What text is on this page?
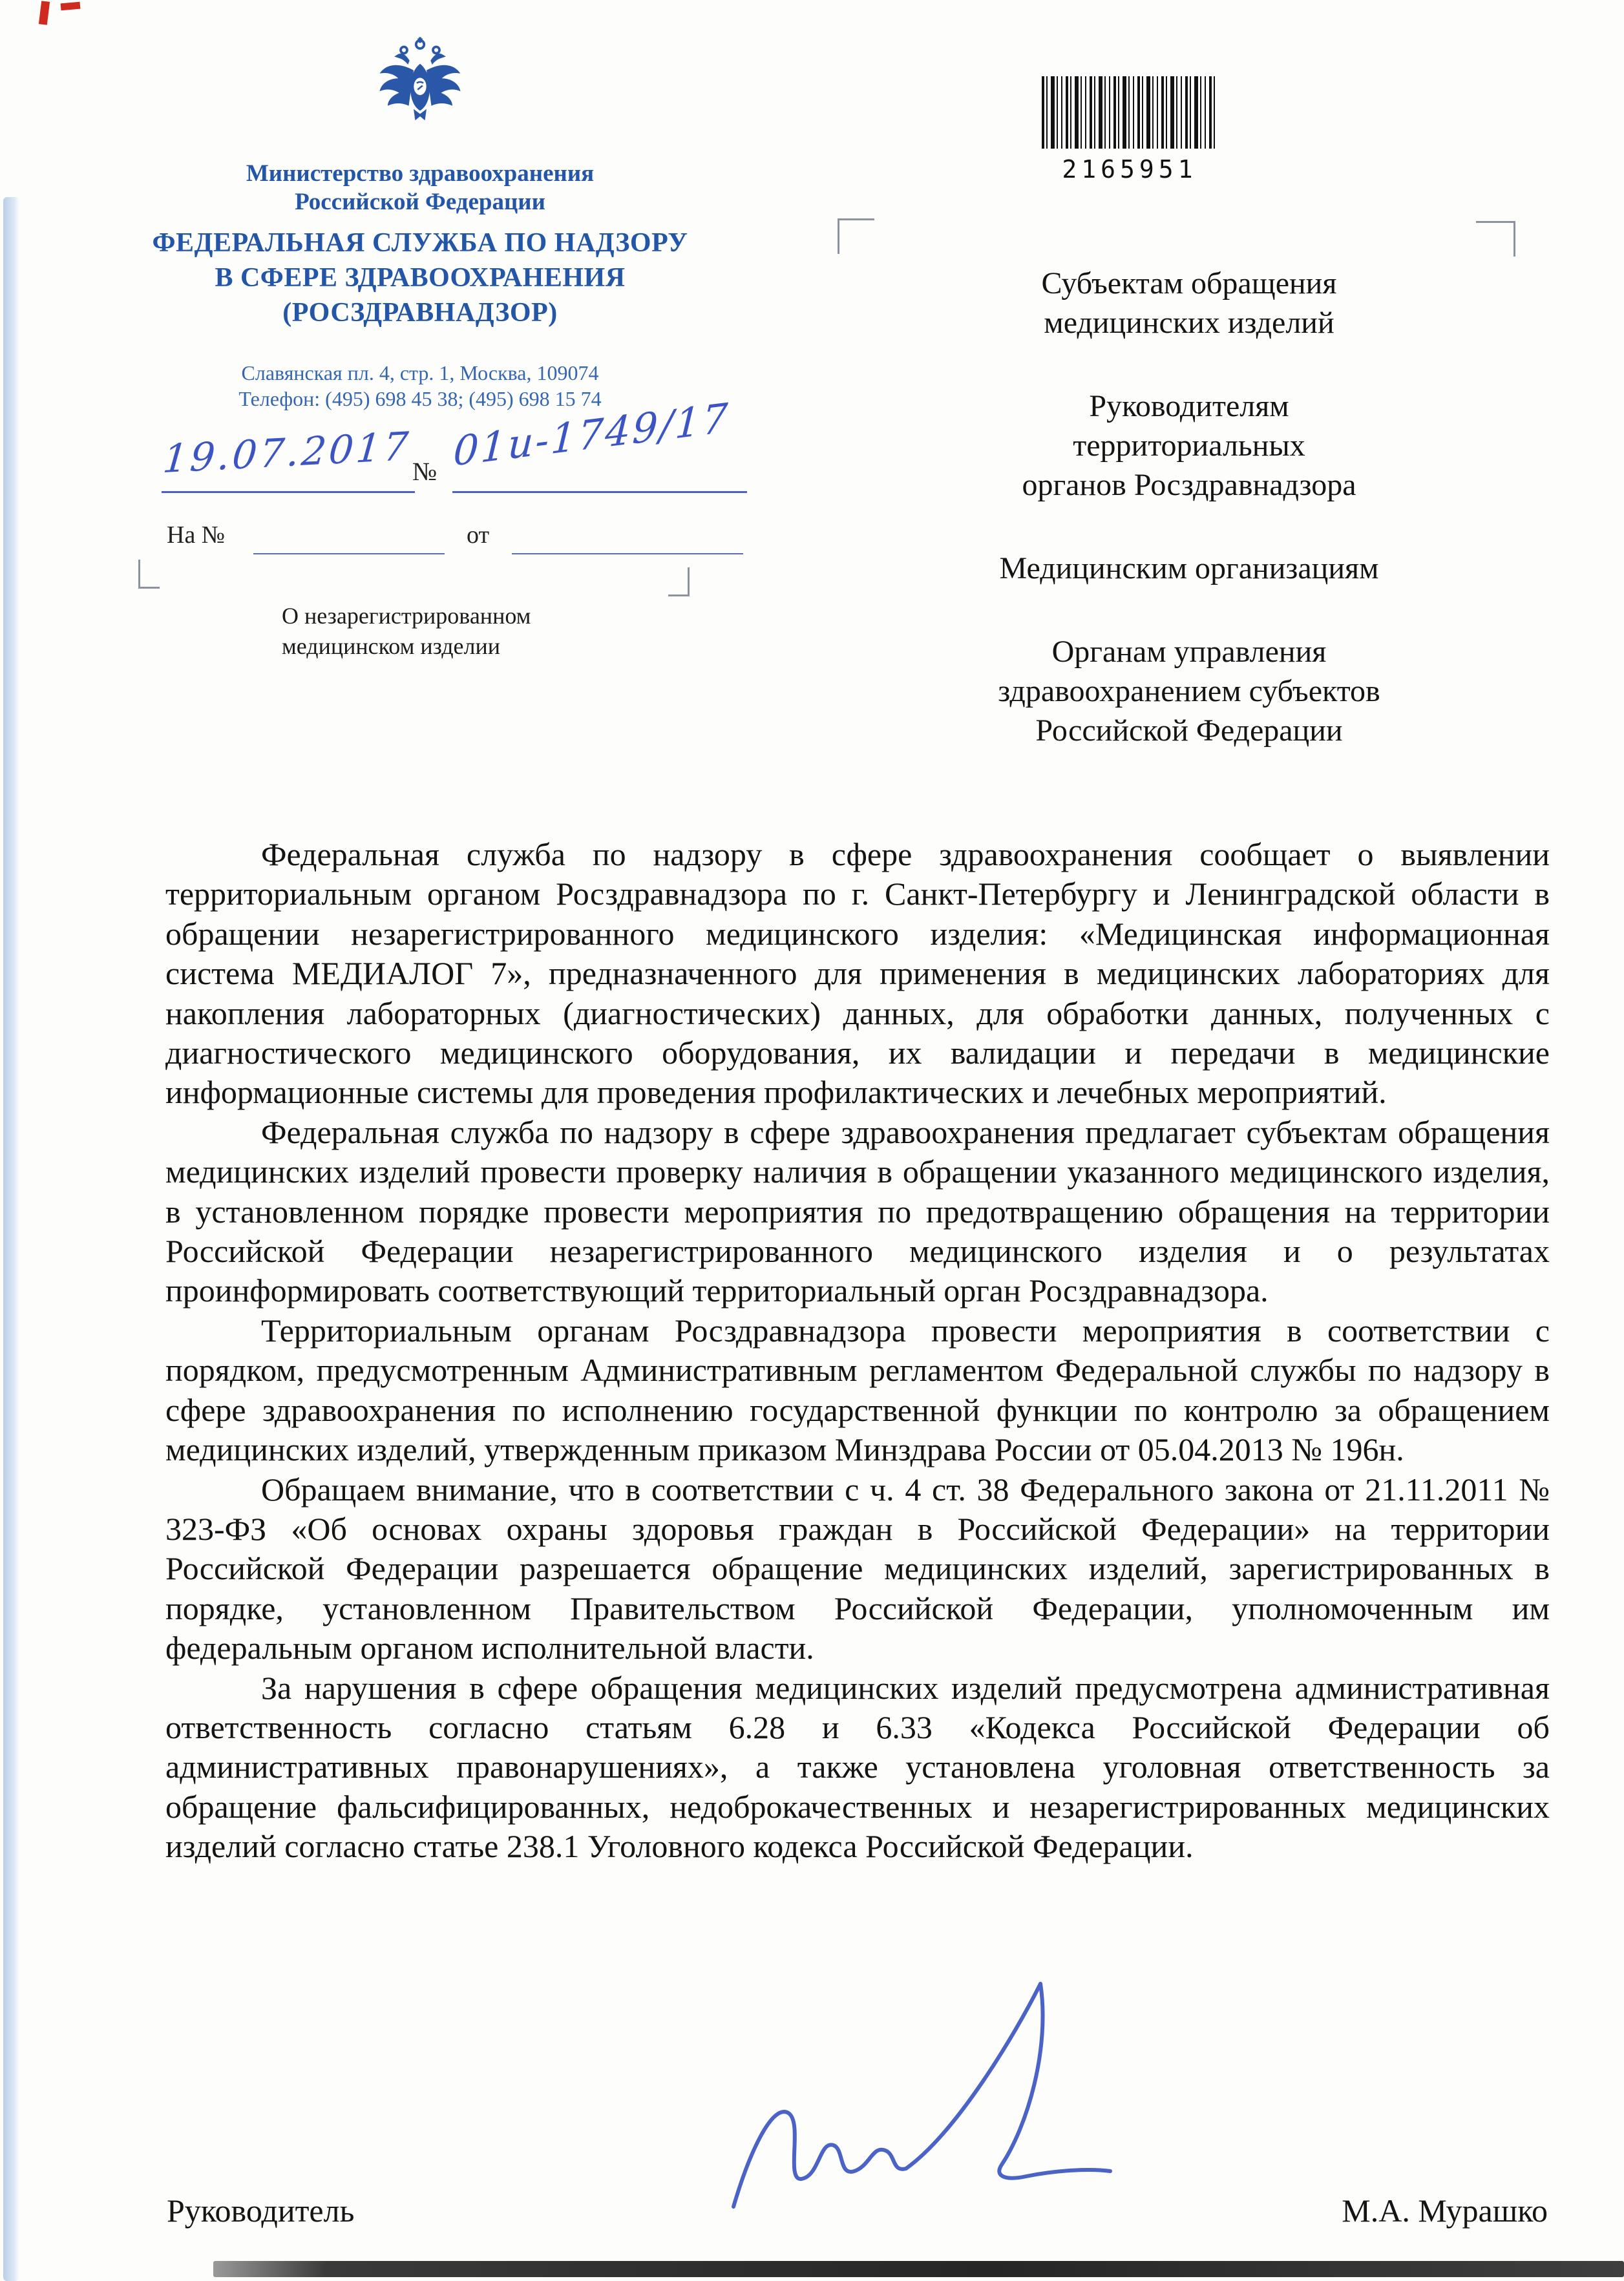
Министерство здравоохранения
Российской Федерации
ФЕДЕРАЛЬНАЯ СЛУЖБА ПО НАДЗОРУ
В СФЕРЕ ЗДРАВООХРАНЕНИЯ
(РОСЗДРАВНАДЗОР)
Славянская пл. 4, стр. 1, Москва, 109074
Телефон: (495) 698 45 38; (495) 698 15 74
19.07.2017 № 01и-1749/17
На №	от
О незарегистрированном
медицинском изделии
2165951
Субъектам обращения
медицинских изделий
Руководителям
территориальных
органов Росздравнадзора
Медицинским организациям
Органам управления
здравоохранением субъектов
Российской Федерации

Федеральная служба по надзору в сфере здравоохранения сообщает о выявлении территориальным органом Росздравнадзора по г. Санкт-Петербургу и Ленинградской области в обращении незарегистрированного медицинского изделия: «Медицинская информационная система МЕДИАЛОГ 7», предназначенного для применения в медицинских лабораториях для накопления лабораторных (диагностических) данных, для обработки данных, полученных с диагностического медицинского оборудования, их валидации и передачи в медицинские информационные системы для проведения профилактических и лечебных мероприятий.

Федеральная служба по надзору в сфере здравоохранения предлагает субъектам обращения медицинских изделий провести проверку наличия в обращении указанного медицинского изделия, в установленном порядке провести мероприятия по предотвращению обращения на территории Российской Федерации незарегистрированного медицинского изделия и о результатах проинформировать соответствующий территориальный орган Росздравнадзора.

Территориальным органам Росздравнадзора провести мероприятия в соответствии с порядком, предусмотренным Административным регламентом Федеральной службы по надзору в сфере здравоохранения по исполнению государственной функции по контролю за обращением медицинских изделий, утвержденным приказом Минздрава России от 05.04.2013 № 196н.

Обращаем внимание, что в соответствии с ч. 4 ст. 38 Федерального закона от 21.11.2011 № 323-ФЗ «Об основах охраны здоровья граждан в Российской Федерации» на территории Российской Федерации разрешается обращение медицинских изделий, зарегистрированных в порядке, установленном Правительством Российской Федерации, уполномоченным им федеральным органом исполнительной власти.

За нарушения в сфере обращения медицинских изделий предусмотрена административная ответственность согласно статьям 6.28 и 6.33 «Кодекса Российской Федерации об административных правонарушениях», а также установлена уголовная ответственность за обращение фальсифицированных, недоброкачественных и незарегистрированных медицинских изделий согласно статье 238.1 Уголовного кодекса Российской Федерации.

Руководитель	М.А. Мурашко
